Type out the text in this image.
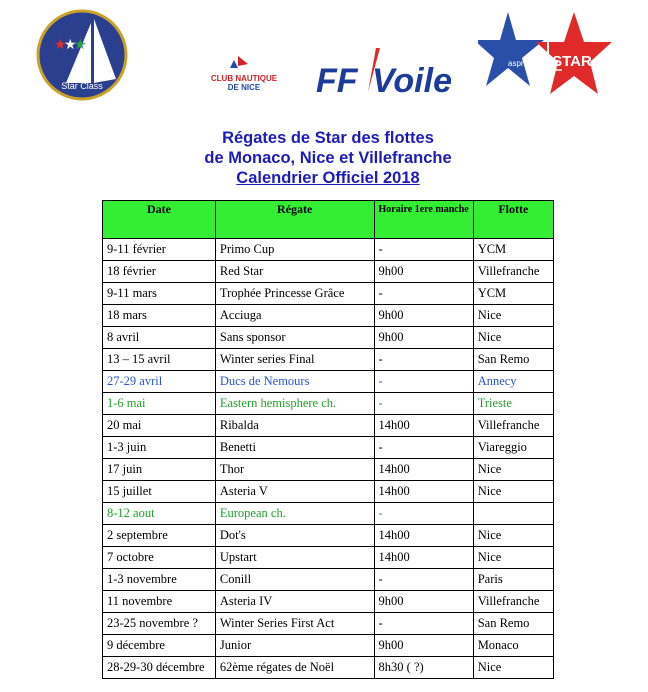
★
★
★
Star Class
CLUB NAUTIQUE
DE NICE FF Voile	aspro STAR
Régates de Star des flottes
de Monaco, Nice et Villefranche
Calendrier Officiel 2018
Date	Régate	Horaire 1ere manche	Flotte
9-11 février	Primo Cup	-	YCM
18 février	Red Star	9h00	Villefranche
9-11 mars	Trophée Princesse Grâce	-	YCM
18 mars	Acciuga	9h00	Nice
8 avril	Sans sponsor	9h00	Nice
13 – 15 avril	Winter series Final	-	San Remo
27-29 avril	Ducs de Nemours	-	Annecy
1-6 mai	Eastern hemisphere ch.	-	Trieste
20 mai	Ribalda	14h00	Villefranche
1-3 juin	Benetti	-	Viareggio
17 juin	Thor	14h00	Nice
15 juillet	Asteria V	14h00	Nice
8-12 aout	European ch.	-	
2 septembre	Dot's	14h00	Nice
7 octobre	Upstart	14h00	Nice
1-3 novembre	Conill	-	Paris
11 novembre	Asteria IV	9h00	Villefranche
23-25 novembre ?	Winter Series First Act	-	San Remo
9 décembre	Junior	9h00	Monaco
28-29-30 décembre	62ème régates de Noël	8h30 ( ?)	Nice
